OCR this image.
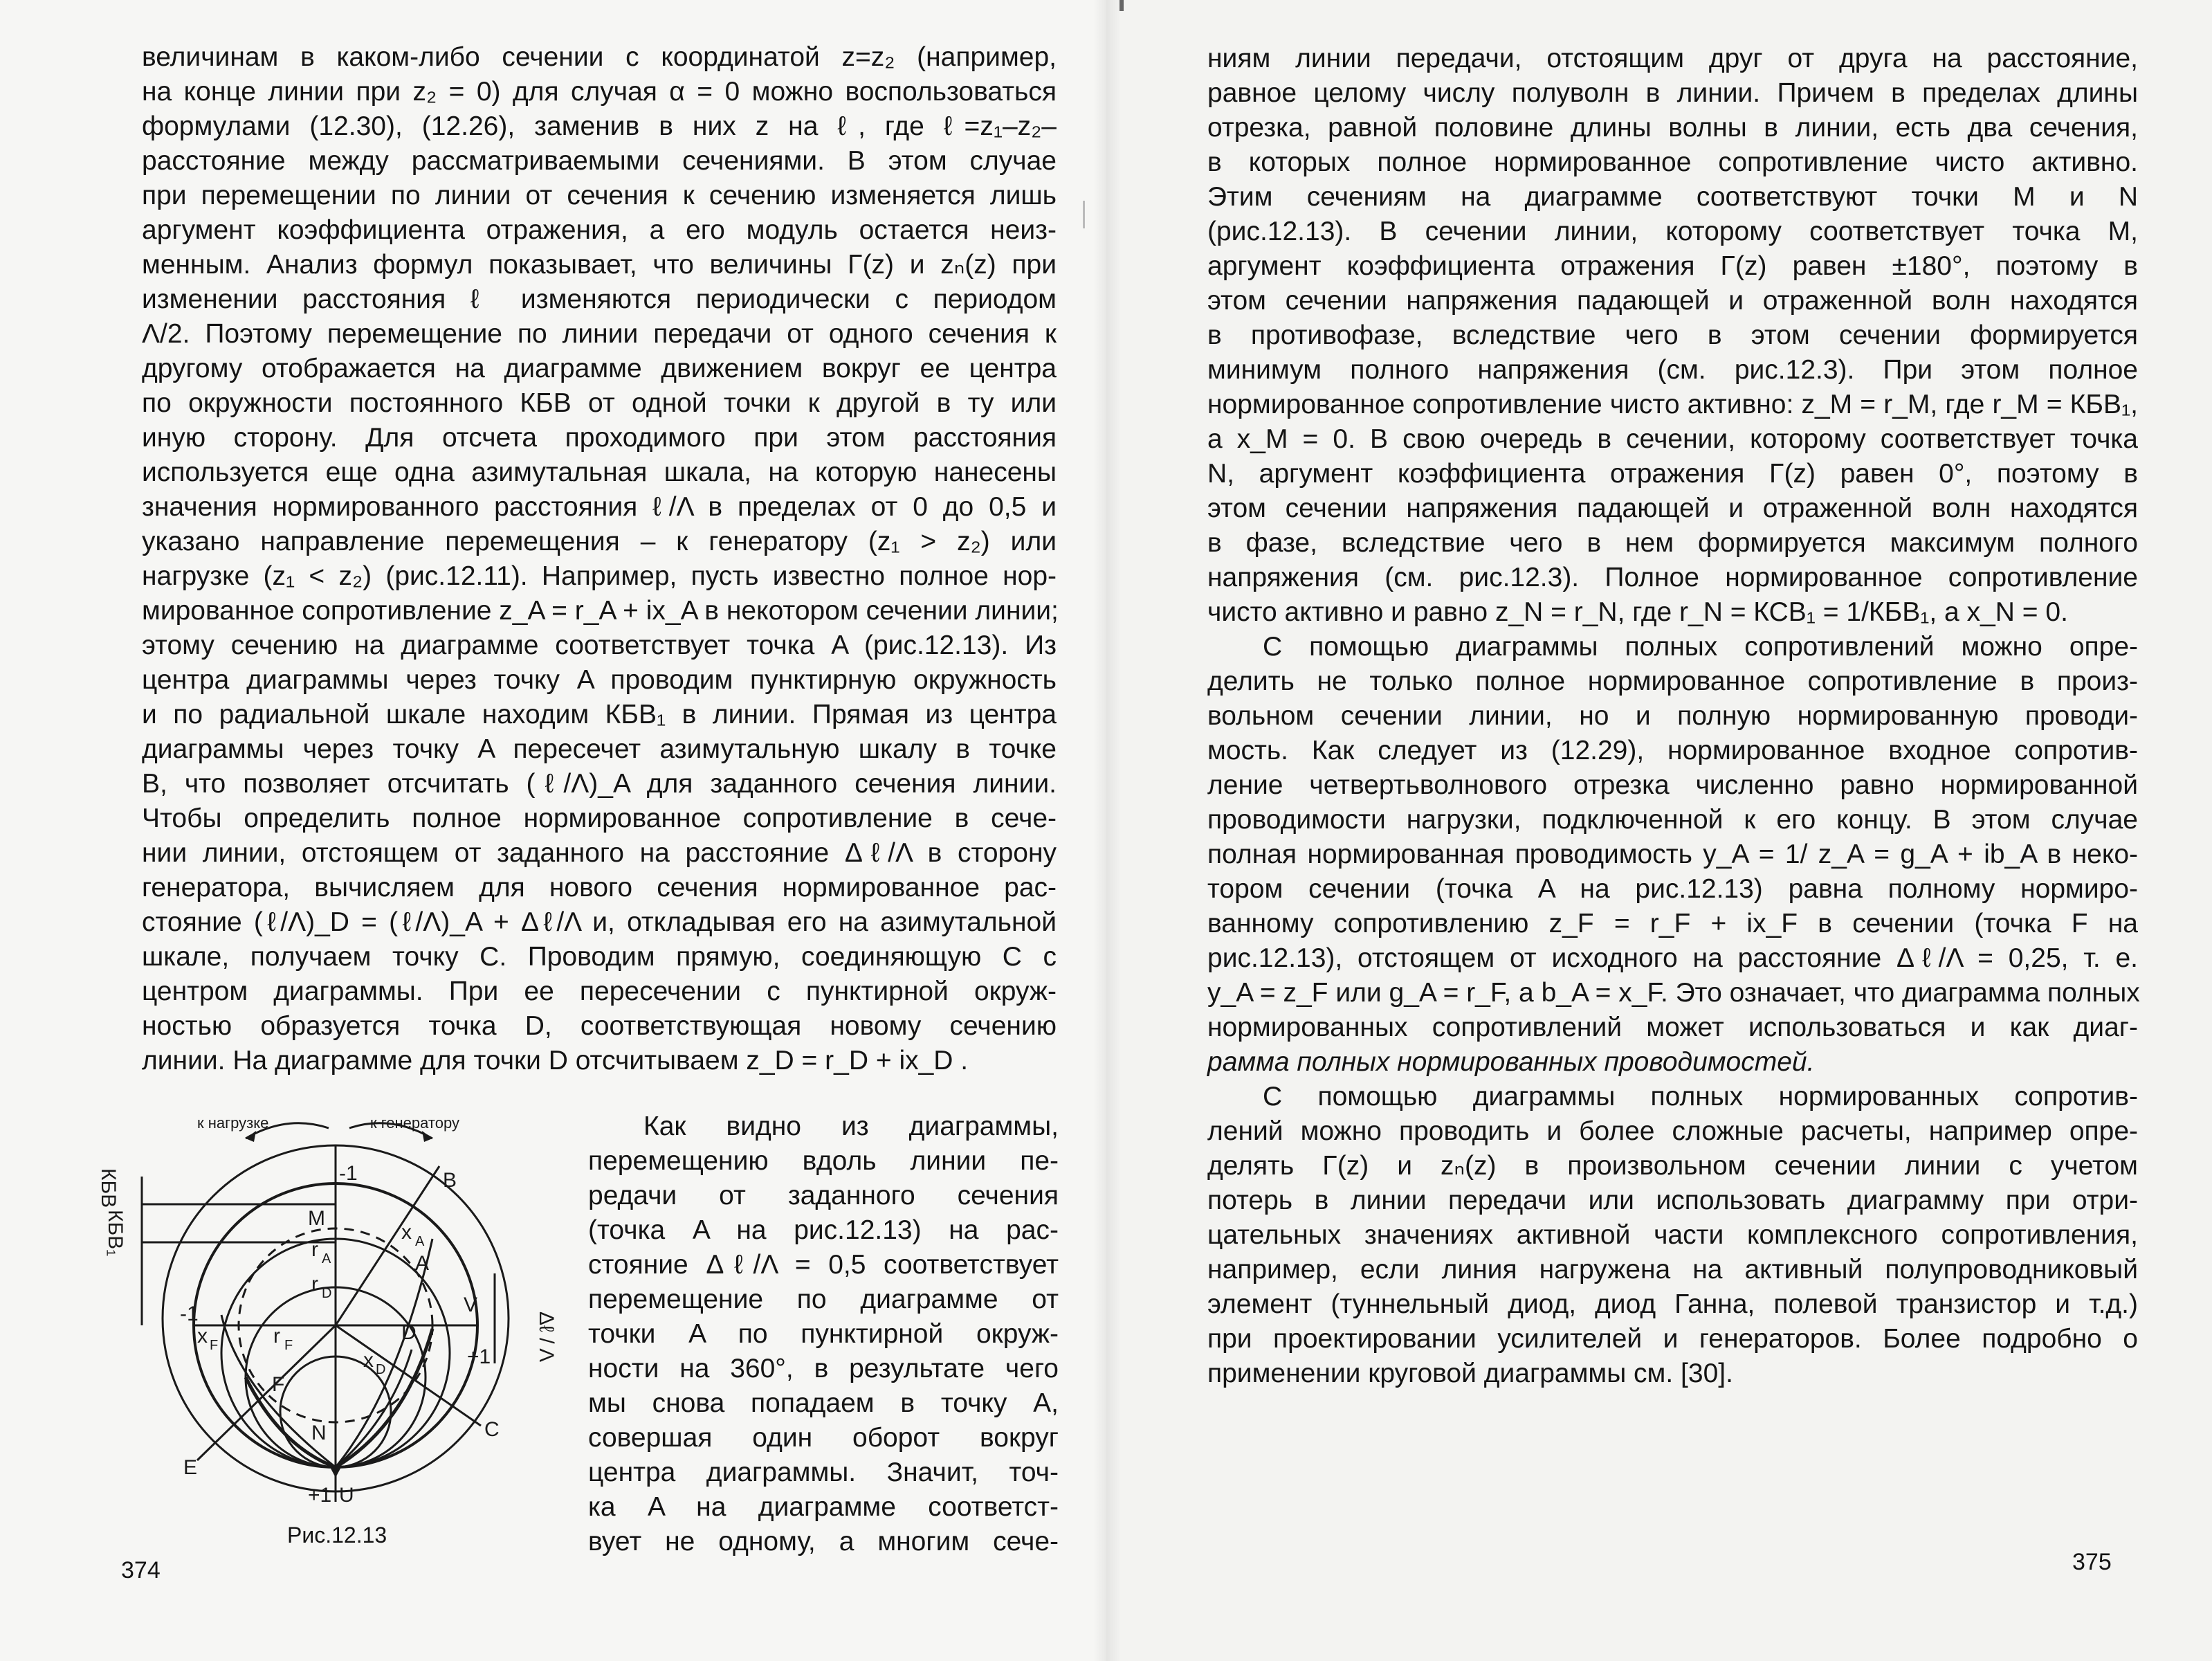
величинам в каком-либо сечении с координатой z=z₂ (например,
на конце линии при z₂ = 0) для случая α = 0 можно воспользоваться
формулами (12.30), (12.26), заменив в них z на ℓ, где ℓ=z₁–z₂–
расстояние между рассматриваемыми сечениями. В этом случае
при перемещении по линии от сечения к сечению изменяется лишь
аргумент коэффициента отражения, а его модуль остается неиз-
менным. Анализ формул показывает, что величины Γ(z) и zₙ(z) при
изменении расстояния ℓ изменяются периодически с периодом
Λ/2. Поэтому перемещение по линии передачи от одного сечения к
другому отображается на диаграмме движением вокруг ее центра
по окружности постоянного КБВ от одной точки к другой в ту или
иную сторону. Для отсчета проходимого при этом расстояния
используется еще одна азимутальная шкала, на которую нанесены
значения нормированного расстояния ℓ/Λ в пределах от 0 до 0,5 и
указано направление перемещения – к генератору (z₁ > z₂) или
нагрузке (z₁ < z₂) (рис.12.11). Например, пусть известно полное нор-
мированное сопротивление z_A = r_A + ix_A в некотором сечении линии;
этому сечению на диаграмме соответствует точка A (рис.12.13). Из
центра диаграммы через точку A проводим пунктирную окружность
и по радиальной шкале находим КБВ₁ в линии. Прямая из центра
диаграммы через точку A пересечет азимутальную шкалу в точке
B, что позволяет отсчитать (ℓ/Λ)_A для заданного сечения линии.
Чтобы определить полное нормированное сопротивление в сече-
нии линии, отстоящем от заданного на расстояние Δℓ/Λ в сторону
генератора, вычисляем для нового сечения нормированное рас-
стояние (ℓ/Λ)_D = (ℓ/Λ)_A + Δℓ/Λ и, откладывая его на азимутальной
шкале, получаем точку C. Проводим прямую, соединяющую C с
центром диаграммы. При ее пересечении с пунктирной окруж-
ностью образуется точка D, соответствующая новому сечению
линии. На диаграмме для точки D отсчитываем z_D = r_D + ix_D .
к нагрузке	к генератору
КБВ
КБВ₁
Δℓ / Λ
-1
-1
+1
+1
M
B
x A
A
r A
r D	V
x F	r F
D
x D
F
C
N
E
U
Рис.12.13
Как видно из диаграммы,
перемещению вдоль линии пе-
редачи от заданного сечения
(точка A на рис.12.13) на рас-
стояние Δℓ/Λ = 0,5 соответствует
перемещение по диаграмме от
точки A по пунктирной окруж-
ности на 360°, в результате чего
мы снова попадаем в точку A,
совершая один оборот вокруг
центра диаграммы. Значит, точ-
ка A на диаграмме соответст-
вует не одному, а многим сече-
374
ниям линии передачи, отстоящим друг от друга на расстояние,
равное целому числу полуволн в линии. Причем в пределах длины
отрезка, равной половине длины волны в линии, есть два сечения,
в которых полное нормированное сопротивление чисто активно.
Этим сечениям на диаграмме соответствуют точки M и N
(рис.12.13). В сечении линии, которому соответствует точка M,
аргумент коэффициента отражения Γ(z) равен ±180°, поэтому в
этом сечении напряжения падающей и отраженной волн находятся
в противофазе, вследствие чего в этом сечении формируется
минимум полного напряжения (см. рис.12.3). При этом полное
нормированное сопротивление чисто активно: z_M = r_M, где r_M = КБВ₁,
а x_M = 0. В свою очередь в сечении, которому соответствует точка
N, аргумент коэффициента отражения Γ(z) равен 0°, поэтому в
этом сечении напряжения падающей и отраженной волн находятся
в фазе, вследствие чего в нем формируется максимум полного
напряжения (см. рис.12.3). Полное нормированное сопротивление
чисто активно и равно z_N = r_N, где r_N = КСВ₁ = 1/КБВ₁, а x_N = 0.
С помощью диаграммы полных сопротивлений можно опре-
делить не только полное нормированное сопротивление в произ-
вольном сечении линии, но и полную нормированную проводи-
мость. Как следует из (12.29), нормированное входное сопротив-
ление четвертьволнового отрезка численно равно нормированной
проводимости нагрузки, подключенной к его концу. В этом случае
полная нормированная проводимость y_A = 1/ z_A = g_A + ib_A в неко-
тором сечении (точка A на рис.12.13) равна полному нормиро-
ванному сопротивлению z_F = r_F + ix_F в сечении (точка F на
рис.12.13), отстоящем от исходного на расстояние Δℓ/Λ = 0,25, т. е.
y_A = z_F или g_A = r_F, а b_A = x_F. Это означает, что диаграмма полных
нормированных сопротивлений может использоваться и как диаг-
рамма полных нормированных проводимостей.
С помощью диаграммы полных нормированных сопротив-
лений можно проводить и более сложные расчеты, например опре-
делять Γ(z) и zₙ(z) в произвольном сечении линии с учетом
потерь в линии передачи или использовать диаграмму при отри-
цательных значениях активной части комплексного сопротивления,
например, если линия нагружена на активный полупроводниковый
элемент (туннельный диод, диод Ганна, полевой транзистор и т.д.)
при проектировании усилителей и генераторов. Более подробно о
применении круговой диаграммы см. [30].
375
